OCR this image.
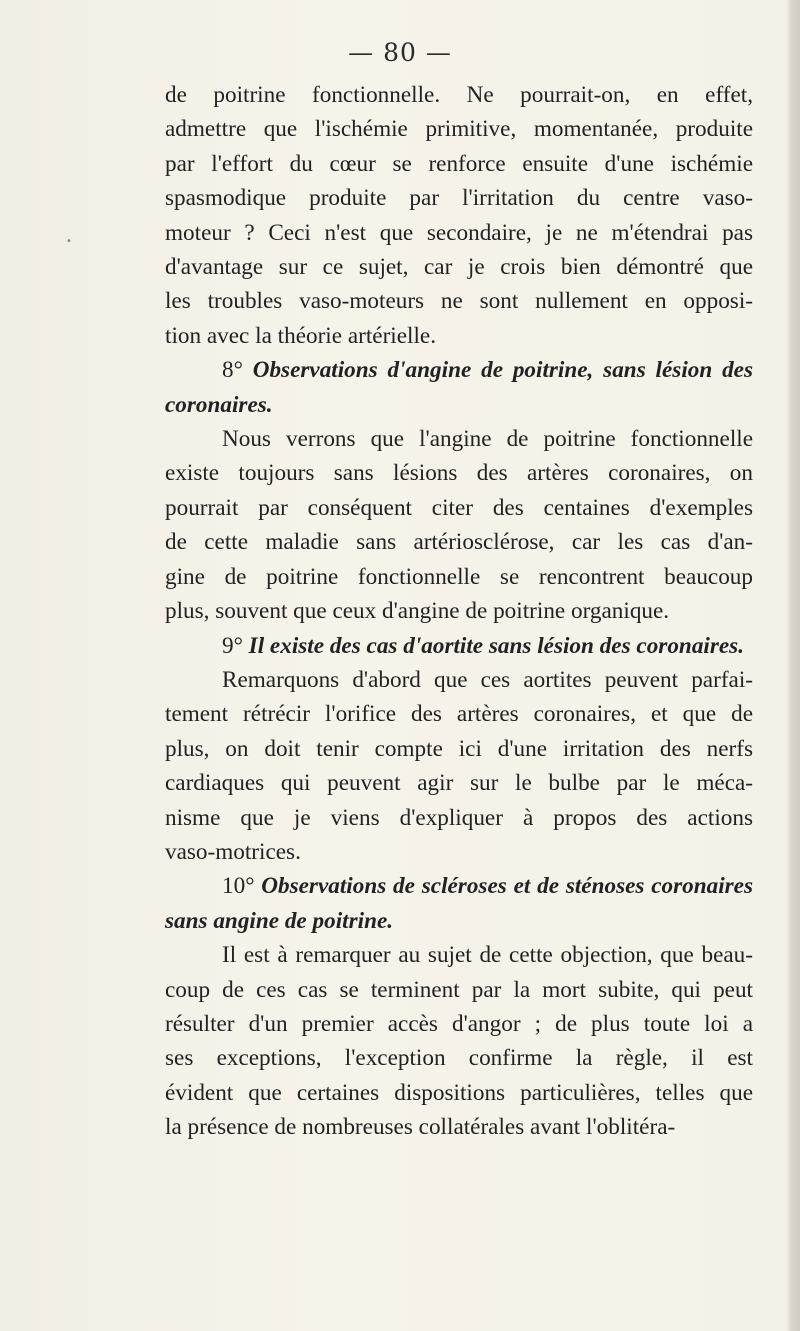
•
— 80 —

de poitrine fonctionnelle. Ne pourrait-on, en effet,
admettre que l'ischémie primitive, momentanée, produite
par l'effort du cœur se renforce ensuite d'une ischémie
spasmodique produite par l'irritation du centre vaso-
moteur ? Ceci n'est que secondaire, je ne m'étendrai pas
d'avantage sur ce sujet, car je crois bien démontré que
les troubles vaso-moteurs ne sont nullement en opposi-
tion avec la théorie artérielle.

8° Observations d'angine de poitrine, sans lésion des
coronaires.

Nous verrons que l'angine de poitrine fonctionnelle
existe toujours sans lésions des artères coronaires, on
pourrait par conséquent citer des centaines d'exemples
de cette maladie sans artériosclérose, car les cas d'an-
gine de poitrine fonctionnelle se rencontrent beaucoup
plus, souvent que ceux d'angine de poitrine organique.

9° Il existe des cas d'aortite sans lésion des coronaires.

Remarquons d'abord que ces aortites peuvent parfai-
tement rétrécir l'orifice des artères coronaires, et que de
plus, on doit tenir compte ici d'une irritation des nerfs
cardiaques qui peuvent agir sur le bulbe par le méca-
nisme que je viens d'expliquer à propos des actions
vaso-motrices.

10° Observations de scléroses et de sténoses coronaires
sans angine de poitrine.

Il est à remarquer au sujet de cette objection, que beau-
coup de ces cas se terminent par la mort subite, qui peut
résulter d'un premier accès d'angor ; de plus toute loi a
ses exceptions, l'exception confirme la règle, il est
évident que certaines dispositions particulières, telles que
la présence de nombreuses collatérales avant l'oblitéra-
